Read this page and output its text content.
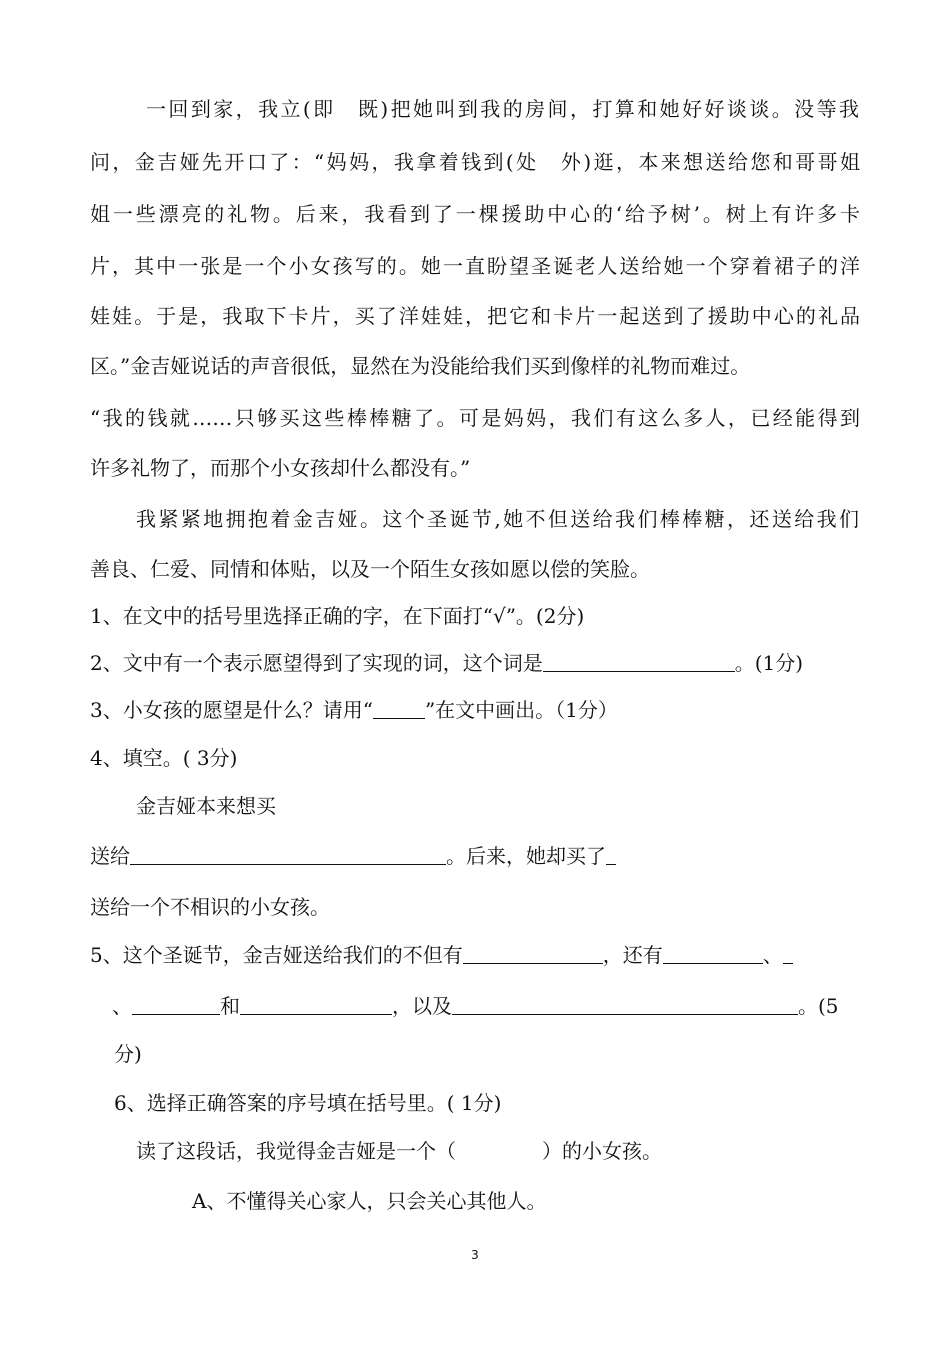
一回到家，我立(即　既)把她叫到我的房间，打算和她好好谈谈。没等我
问，金吉娅先开口了：“妈妈，我拿着钱到(处　外)逛，本来想送给您和哥哥姐
姐一些漂亮的礼物。后来，我看到了一棵援助中心的‘给予树’。树上有许多卡
片，其中一张是一个小女孩写的。她一直盼望圣诞老人送给她一个穿着裙子的洋
娃娃。于是，我取下卡片，买了洋娃娃，把它和卡片一起送到了援助中心的礼品
区。”金吉娅说话的声音很低，显然在为没能给我们买到像样的礼物而难过。
“我的钱就……只够买这些棒棒糖了。可是妈妈，我们有这么多人，已经能得到
许多礼物了，而那个小女孩却什么都没有。”
我紧紧地拥抱着金吉娅。这个圣诞节,她不但送给我们棒棒糖，还送给我们
善良、仁爱、同情和体贴，以及一个陌生女孩如愿以偿的笑脸。
1、在文中的括号里选择正确的字，在下面打“√”。(2分)
2、文中有一个表示愿望得到了实现的词，这个词是	。(1分)
3、小女孩的愿望是什么？请用“	”在文中画出。（1分）
4、填空。( 3分)
金吉娅本来想买
送给	。后来，她却买了
送给一个不相识的小女孩。
5、这个圣诞节，金吉娅送给我们的不但有	，还有	、
、	和	，以及	。(5
分)
6、选择正确答案的序号填在括号里。( 1分)
读了这段话，我觉得金吉娅是一个（	）的小女孩。
A、不懂得关心家人，只会关心其他人。
3
